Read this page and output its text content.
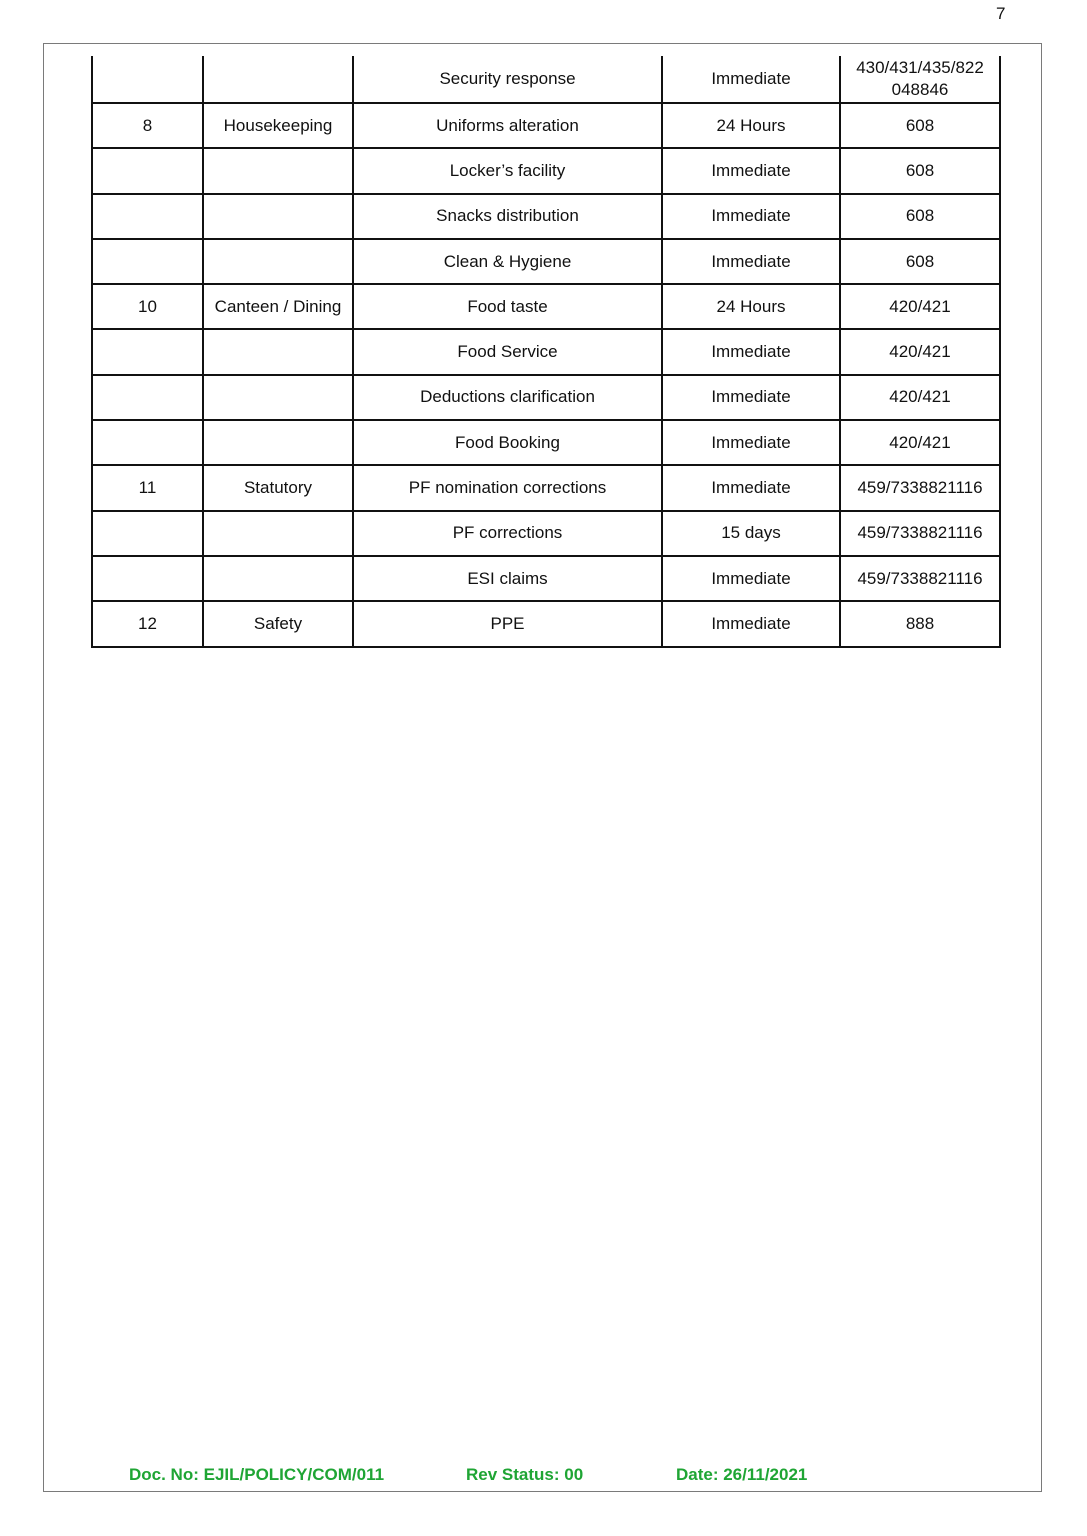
7
		Security response	Immediate	430/431/435/822
048846

8	Housekeeping	Uniforms alteration	24 Hours	608

		Locker’s facility	Immediate	608

		Snacks distribution	Immediate	608

		Clean & Hygiene	Immediate	608

10	Canteen / Dining	Food taste	24 Hours	420/421

		Food Service	Immediate	420/421

		Deductions clarification	Immediate	420/421

		Food Booking	Immediate	420/421

11	Statutory	PF nomination corrections	Immediate	459/7338821116

		PF corrections	15 days	459/7338821116

		ESI claims	Immediate	459/7338821116

12	Safety	PPE	Immediate	888
Doc. No: EJIL/POLICY/COM/011	Rev Status: 00	Date: 26/11/2021
